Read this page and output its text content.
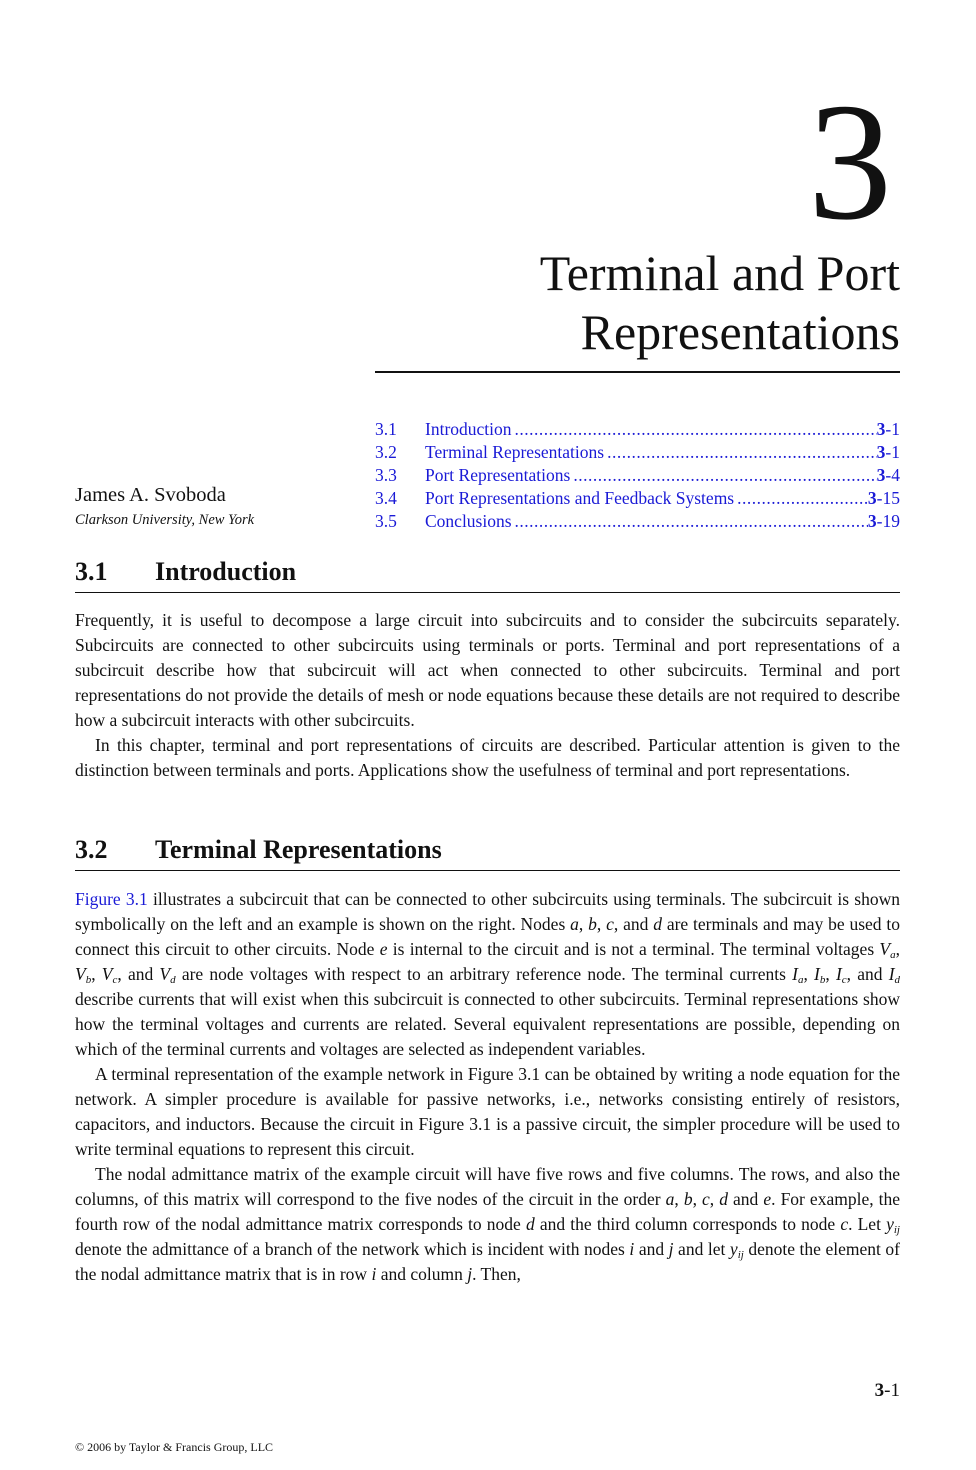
3
Terminal and Port
Representations
3.1	Introduction .....	3-1
3.2	Terminal Representations .....	3-1
3.3	Port Representations .....	3-4
3.4	Port Representations and Feedback Systems .....	3-15
3.5	Conclusions .....	3-19
James A. Svoboda
Clarkson University, New York
3.1 Introduction

Frequently, it is useful to decompose a large circuit into subcircuits and to consider the subcircuits separately. Subcircuits are connected to other subcircuits using terminals or ports. Terminal and port representations of a subcircuit describe how that subcircuit will act when connected to other subcircuits. Terminal and port representations do not provide the details of mesh or node equations because these details are not required to describe how a subcircuit interacts with other subcircuits.

In this chapter, terminal and port representations of circuits are described. Particular attention is given to the distinction between terminals and ports. Applications show the usefulness of terminal and port representations.

3.2 Terminal Representations

Figure 3.1 illustrates a subcircuit that can be connected to other subcircuits using terminals. The subcircuit is shown symbolically on the left and an example is shown on the right. Nodes a, b, c, and d are terminals and may be used to connect this circuit to other circuits. Node e is internal to the circuit and is not a terminal. The terminal voltages $V_a$, $V_b$, $V_c$, and $V_d$ are node voltages with respect to an arbitrary reference node. The terminal currents $I_a$, $I_b$, $I_c$, and $I_d$ describe currents that will exist when this subcircuit is connected to other subcircuits. Terminal representations show how the terminal voltages and currents are related. Several equivalent representations are possible, depending on which of the terminal currents and voltages are selected as independent variables.

A terminal representation of the example network in Figure 3.1 can be obtained by writing a node equation for the network. A simpler procedure is available for passive networks, i.e., networks consisting entirely of resistors, capacitors, and inductors. Because the circuit in Figure 3.1 is a passive circuit, the simpler procedure will be used to write terminal equations to represent this circuit.

The nodal admittance matrix of the example circuit will have five rows and five columns. The rows, and also the columns, of this matrix will correspond to the five nodes of the circuit in the order a, b, c, d and e. For example, the fourth row of the nodal admittance matrix corresponds to node d and the third column corresponds to node c. Let $y_{ij}$ denote the admittance of a branch of the network which is incident with nodes i and j and let $y_{ij}$ denote the element of the nodal admittance matrix that is in row i and column j. Then,

3-1
© 2006 by Taylor & Francis Group, LLC
